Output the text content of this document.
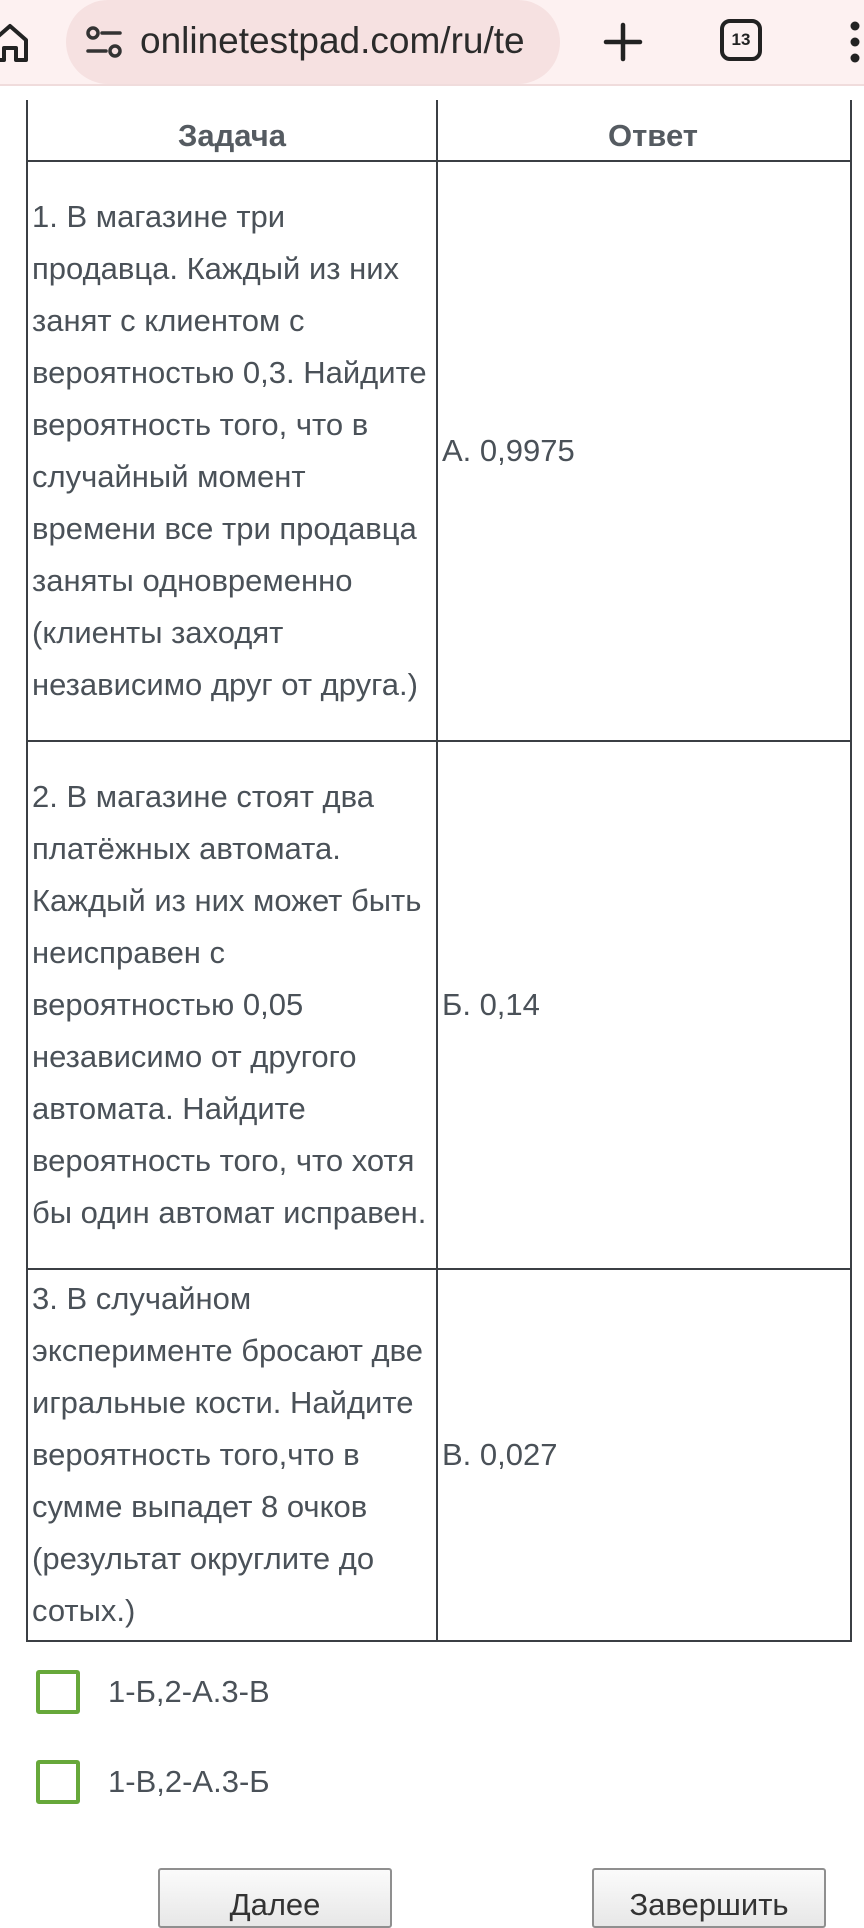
onlinetestpad.com/ru/te	13
Задача	Ответ
1. В магазине три продавца. Каждый из них занят с клиентом с вероятностью 0,3. Найдите вероятность того, что в случайный момент времени все три продавца заняты одновременно (клиенты заходят независимо друг от друга.)	А. 0,9975
2. В магазине стоят два платёжных автомата. Каждый из них может быть неисправен с вероятностью 0,05 независимо от другого автомата. Найдите вероятность того, что хотя бы один автомат исправен.	Б. 0,14
3. В случайном эксперименте бросают две игральные кости. Найдите вероятность того,что в сумме выпадет 8 очков (результат округлите до сотых.)	В. 0,027
1-Б,2-А.3-В
1-В,2-А.3-Б
Далее	Завершить
